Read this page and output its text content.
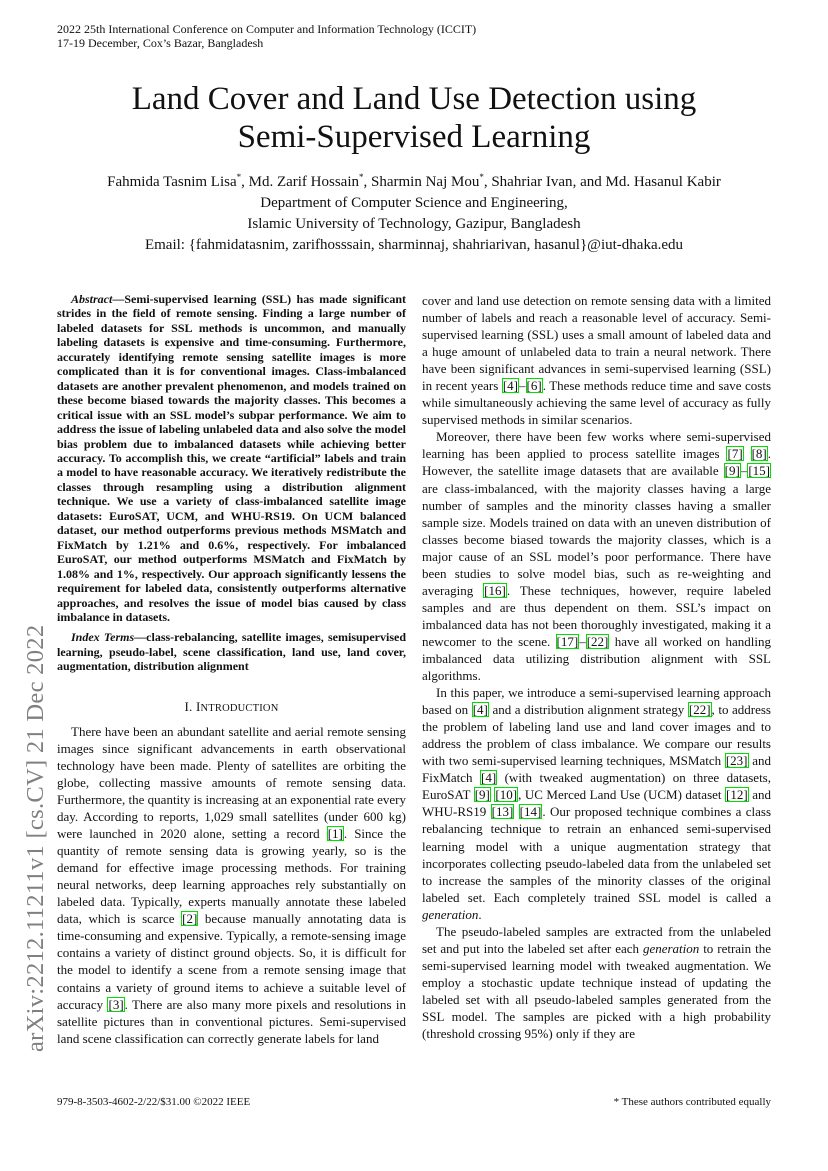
2022 25th International Conference on Computer and Information Technology (ICCIT)
17-19 December, Cox’s Bazar, Bangladesh
Land Cover and Land Use Detection using
Semi-Supervised Learning
Fahmida Tasnim Lisa*, Md. Zarif Hossain*, Sharmin Naj Mou*, Shahriar Ivan, and Md. Hasanul Kabir
Department of Computer Science and Engineering,
Islamic University of Technology, Gazipur, Bangladesh
Email: {fahmidatasnim, zarifhosssain, sharminnaj, shahriarivan, hasanul}@iut-dhaka.edu
arXiv:2212.11211v1 [cs.CV] 21 Dec 2022

Abstract—Semi-supervised learning (SSL) has made significant strides in the field of remote sensing. Finding a large number of labeled datasets for SSL methods is uncommon, and manually labeling datasets is expensive and time-consuming. Furthermore, accurately identifying remote sensing satellite images is more complicated than it is for conventional images. Class-imbalanced datasets are another prevalent phenomenon, and models trained on these become biased towards the majority classes. This becomes a critical issue with an SSL model’s subpar performance. We aim to address the issue of labeling unlabeled data and also solve the model bias problem due to imbalanced datasets while achieving better accuracy. To accomplish this, we create “artificial” labels and train a model to have reasonable accuracy. We iteratively redistribute the classes through resampling using a distribution alignment technique. We use a variety of class-imbalanced satellite image datasets: EuroSAT, UCM, and WHU-RS19. On UCM balanced dataset, our method outperforms previous methods MSMatch and FixMatch by 1.21% and 0.6%, respectively. For imbalanced EuroSAT, our method outperforms MSMatch and FixMatch by 1.08% and 1%, respectively. Our approach significantly lessens the requirement for labeled data, consistently outperforms alternative approaches, and resolves the issue of model bias caused by class imbalance in datasets.

Index Terms—class-rebalancing, satellite images, semisupervised learning, pseudo-label, scene classification, land use, land cover, augmentation, distribution alignment

I. INTRODUCTION

There have been an abundant satellite and aerial remote sensing images since significant advancements in earth observational technology have been made. Plenty of satellites are orbiting the globe, collecting massive amounts of remote sensing data. Furthermore, the quantity is increasing at an exponential rate every day. According to reports, 1,029 small satellites (under 600 kg) were launched in 2020 alone, setting a record [1]. Since the quantity of remote sensing data is growing yearly, so is the demand for effective image processing methods. For training neural networks, deep learning approaches rely substantially on labeled data. Typically, experts manually annotate these labeled data, which is scarce [2] because manually annotating data is time-consuming and expensive. Typically, a remote-sensing image contains a variety of distinct ground objects. So, it is difficult for the model to identify a scene from a remote sensing image that contains a variety of ground items to achieve a suitable level of accuracy [3]. There are also many more pixels and resolutions in satellite pictures than in conventional pictures. Semi-supervised land scene classification can correctly generate labels for land

cover and land use detection on remote sensing data with a limited number of labels and reach a reasonable level of accuracy. Semi-supervised learning (SSL) uses a small amount of labeled data and a huge amount of unlabeled data to train a neural network. There have been significant advances in semi-supervised learning (SSL) in recent years [4]–[6]. These methods reduce time and save costs while simultaneously achieving the same level of accuracy as fully supervised methods in similar scenarios.

Moreover, there have been few works where semi-supervised learning has been applied to process satellite images [7] [8]. However, the satellite image datasets that are available [9]–[15] are class-imbalanced, with the majority classes having a large number of samples and the minority classes having a smaller sample size. Models trained on data with an uneven distribution of classes become biased towards the majority classes, which is a major cause of an SSL model’s poor performance. There have been studies to solve model bias, such as re-weighting and averaging [16]. These techniques, however, require labeled samples and are thus dependent on them. SSL’s impact on imbalanced data has not been thoroughly investigated, making it a newcomer to the scene. [17]–[22] have all worked on handling imbalanced data utilizing distribution alignment with SSL algorithms.

In this paper, we introduce a semi-supervised learning approach based on [4] and a distribution alignment strategy [22], to address the problem of labeling land use and land cover images and to address the problem of class imbalance. We compare our results with two semi-supervised learning techniques, MSMatch [23] and FixMatch [4] (with tweaked augmentation) on three datasets, EuroSAT [9] [10], UC Merced Land Use (UCM) dataset [12] and WHU-RS19 [13] [14]. Our proposed technique combines a class rebalancing technique to retrain an enhanced semi-supervised learning model with a unique augmentation strategy that incorporates collecting pseudo-labeled data from the unlabeled set to increase the samples of the minority classes of the original labeled set. Each completely trained SSL model is called a generation.

The pseudo-labeled samples are extracted from the unlabeled set and put into the labeled set after each generation to retrain the semi-supervised learning model with tweaked augmentation. We employ a stochastic update technique instead of updating the labeled set with all pseudo-labeled samples generated from the SSL model. The samples are picked with a high probability (threshold crossing 95%) only if they are

979-8-3503-4602-2/22/$31.00 ©2022 IEEE	* These authors contributed equally
